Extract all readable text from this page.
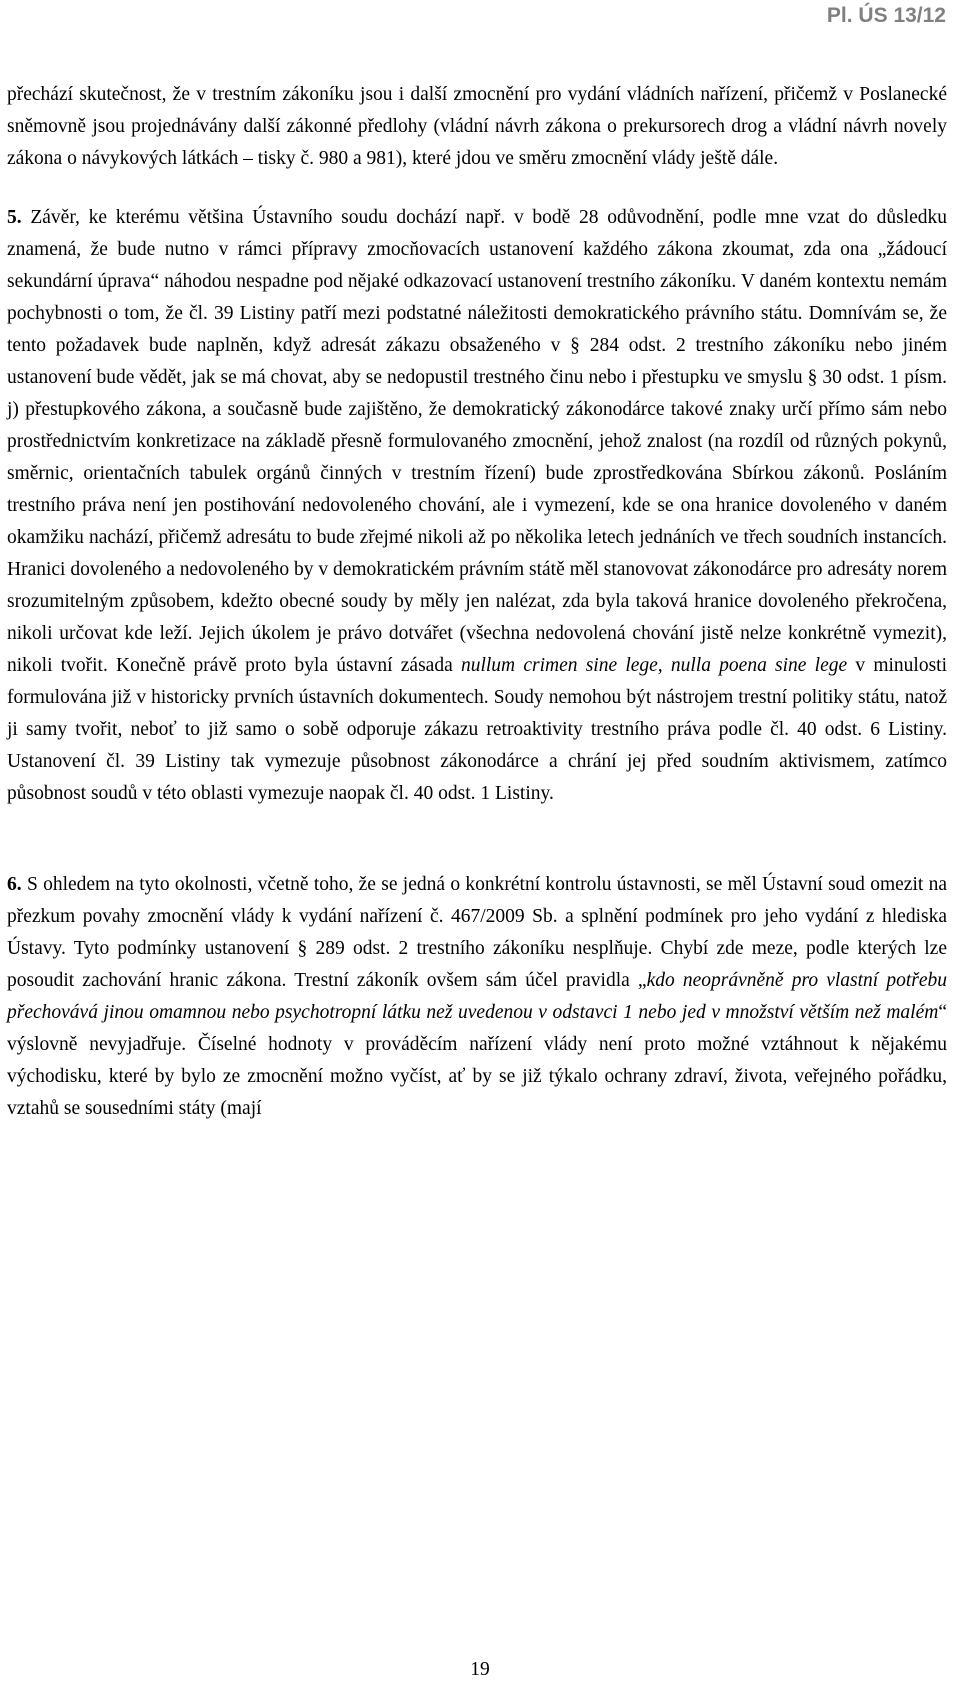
Pl. ÚS 13/12

přechází skutečnost, že v trestním zákoníku jsou i další zmocnění pro vydání vládních nařízení, přičemž v Poslanecké sněmovně jsou projednávány další zákonné předlohy (vládní návrh zákona o prekursorech drog a vládní návrh novely zákona o návykových látkách – tisky č. 980 a 981), které jdou ve směru zmocnění vlády ještě dále.

5. Závěr, ke kterému většina Ústavního soudu dochází např. v bodě 28 odůvodnění, podle mne vzat do důsledku znamená, že bude nutno v rámci přípravy zmocňovacích ustanovení každého zákona zkoumat, zda ona „žádoucí sekundární úprava“ náhodou nespadne pod nějaké odkazovací ustanovení trestního zákoníku. V daném kontextu nemám pochybnosti o tom, že čl. 39 Listiny patří mezi podstatné náležitosti demokratického právního státu. Domnívám se, že tento požadavek bude naplněn, když adresát zákazu obsaženého v § 284 odst. 2 trestního zákoníku nebo jiném ustanovení bude vědět, jak se má chovat, aby se nedopustil trestného činu nebo i přestupku ve smyslu § 30 odst. 1 písm. j) přestupkového zákona, a současně bude zajištěno, že demokratický zákonodárce takové znaky určí přímo sám nebo prostřednictvím konkretizace na základě přesně formulovaného zmocnění, jehož znalost (na rozdíl od různých pokynů, směrnic, orientačních tabulek orgánů činných v trestním řízení) bude zprostředkována Sbírkou zákonů. Posláním trestního práva není jen postihování nedovoleného chování, ale i vymezení, kde se ona hranice dovoleného v daném okamžiku nachází, přičemž adresátu to bude zřejmé nikoli až po několika letech jednáních ve třech soudních instancích. Hranici dovoleného a nedovoleného by v demokratickém právním státě měl stanovovat zákonodárce pro adresáty norem srozumitelným způsobem, kdežto obecné soudy by měly jen nalézat, zda byla taková hranice dovoleného překročena, nikoli určovat kde leží. Jejich úkolem je právo dotvářet (všechna nedovolená chování jistě nelze konkrétně vymezit), nikoli tvořit. Konečně právě proto byla ústavní zásada nullum crimen sine lege, nulla poena sine lege v minulosti formulována již v historicky prvních ústavních dokumentech. Soudy nemohou být nástrojem trestní politiky státu, natož ji samy tvořit, neboť to již samo o sobě odporuje zákazu retroaktivity trestního práva podle čl. 40 odst. 6 Listiny. Ustanovení čl. 39 Listiny tak vymezuje působnost zákonodárce a chrání jej před soudním aktivismem, zatímco působnost soudů v této oblasti vymezuje naopak čl. 40 odst. 1 Listiny.

6. S ohledem na tyto okolnosti, včetně toho, že se jedná o konkrétní kontrolu ústavnosti, se měl Ústavní soud omezit na přezkum povahy zmocnění vlády k vydání nařízení č. 467/2009 Sb. a splnění podmínek pro jeho vydání z hlediska Ústavy. Tyto podmínky ustanovení § 289 odst. 2 trestního zákoníku nesplňuje. Chybí zde meze, podle kterých lze posoudit zachování hranic zákona. Trestní zákoník ovšem sám účel pravidla „kdo neoprávněně pro vlastní potřebu přechovává jinou omamnou nebo psychotropní látku než uvedenou v odstavci 1 nebo jed v množství větším než malém“ výslovně nevyjadřuje. Číselné hodnoty v prováděcím nařízení vlády není proto možné vztáhnout k nějakému východisku, které by bylo ze zmocnění možno vyčíst, ať by se již týkalo ochrany zdraví, života, veřejného pořádku, vztahů se sousedními státy (mají

19
